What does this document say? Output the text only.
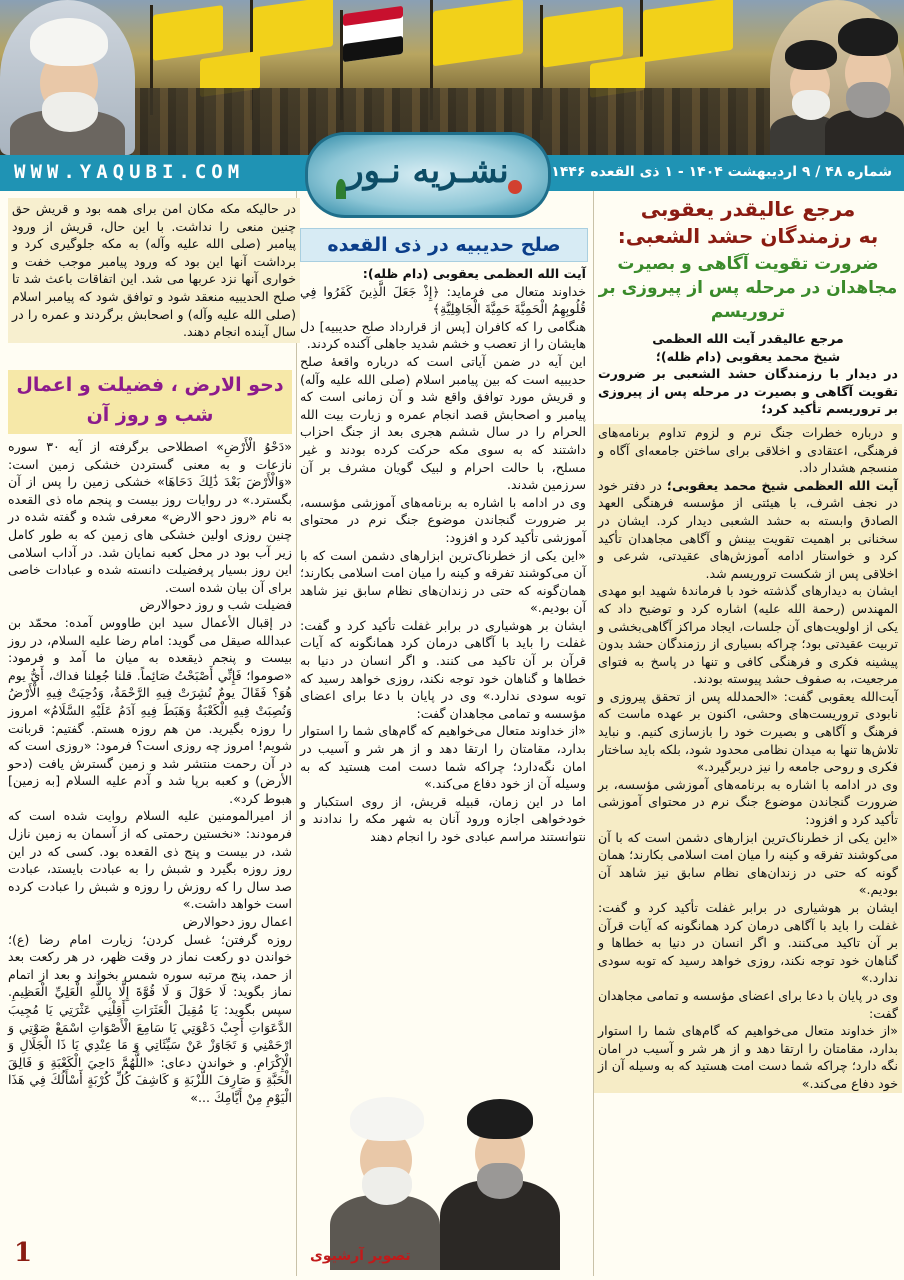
WWW.YAQUBI.COM	شماره ۴۸ / ۹ اردیبهشت ۱۴۰۴ - ۱ ذی القعده ۱۴۴۶
نشـریه نـور

مرجع عالیقدر یعقوبی

به رزمندگان حشد الشعبی:

ضرورت تقویت آگاهی و بصیرت مجاهدان در مرحله پس از پیروزی بر تروریسم

مرجع عالیقدر آیت الله العظمی

شیخ محمد یعقوبی (دام ظله)؛

در دیدار با رزمندگان حشد الشعبی بر ضرورت تقویت آگاهی و بصیرت در مرحله پس از پیروزی بر تروریسم تأکید کرد؛

و درباره خطرات جنگ نرم و لزوم تداوم برنامه‌های فرهنگی، اعتقادی و اخلاقی برای ساختن جامعه‌ای آگاه و منسجم هشدار داد.

آیت الله العظمی شیخ محمد یعقوبی؛ در دفتر خود در نجف اشرف، با هیئتی از مؤسسه فرهنگی العهد الصادق وابسته به حشد الشعبی دیدار کرد. ایشان در سخنانی بر اهمیت تقویت بینش و آگاهی مجاهدان تأکید کرد و خواستار ادامه آموزش‌های عقیدتی، شرعی و اخلاقی پس از شکست تروریسم شد.

ایشان به دیدارهای گذشته خود با فرماندهٔ شهید ابو مهدی المهندس (رحمة الله علیه) اشاره کرد و توضیح داد که یکی از اولویت‌های آن جلسات، ایجاد مراکز آگاهی‌بخشی و تربیت عقیدتی بود؛ چراکه بسیاری از رزمندگان حشد بدون پیشینه فکری و فرهنگی کافی و تنها در پاسخ به فتوای مرجعیت، به صفوف حشد پیوسته بودند.

آیت‌الله یعقوبی گفت: «الحمدلله پس از تحقق پیروزی و نابودی تروریست‌های وحشی، اکنون بر عهده ماست که فرهنگ و آگاهی و بصیرت خود را بازسازی کنیم. و نباید تلاش‌ها تنها به میدان نظامی محدود شود، بلکه باید ساختار فکری و روحی جامعه را نیز دربرگیرد.»

وی در ادامه با اشاره به برنامه‌های آموزشی مؤسسه، بر ضرورت گنجاندن موضوع جنگ نرم در محتوای آموزشی تأکید کرد و افزود:

«این یکی از خطرناک‌ترین ابزارهای دشمن است که با آن می‌کوشند تفرقه و کینه را میان امت اسلامی بکارند؛ همان گونه که حتی در زندان‌های نظام سابق نیز شاهد آن بودیم.»

ایشان بر هوشیاری در برابر غفلت تأکید کرد و گفت: غفلت را باید با آگاهی درمان کرد همانگونه که آیات قرآن بر آن تاکید می‌کنند. و اگر انسان در دنیا به خطاها و گناهان خود توجه نکند، روزی خواهد رسید که توبه سودی ندارد.»

وی در پایان با دعا برای اعضای مؤسسه و تمامی مجاهدان گفت:

«از خداوند متعال می‌خواهیم که گام‌های شما را استوار بدارد، مقامتان را ارتقا دهد و از هر شر و آسیب در امان نگه دارد؛ چراکه شما دست امت هستید که به وسیله آن از خود دفاع می‌کند.»

صلح حدیبیه در ذی القعده

آیت الله العظمی یعقوبی (دام ظله):

خداوند متعال می فرماید: ﴿إِذْ جَعَلَ الَّذِينَ كَفَرُوا فِي قُلُوبِهِمُ الْحَمِيَّةَ حَمِيَّةَ الْجَاهِلِيَّةِ﴾

هنگامی را که کافران [پس از قرارداد صلح حدیبیه] دل هایشان را از تعصب و خشم شدید جاهلی آکنده کردند.

این آیه در ضمن آیاتی است که درباره واقعهٔ صلح حدیبیه است که بین پیامبر اسلام (صلی الله علیه وآله) و قریش مورد توافق واقع شد و آن زمانی است که پیامبر و اصحابش قصد انجام عمره و زیارت بیت الله الحرام را در سال ششم هجری بعد از جنگ احزاب داشتند که به سوی مکه حرکت کرده بودند و غیر مسلح، با حالت احرام و لبیک گویان مشرف بر آن سرزمین شدند.

وی در ادامه با اشاره به برنامه‌های آموزشی مؤسسه، بر ضرورت گنجاندن موضوع جنگ نرم در محتوای آموزشی تأکید کرد و افزود:

«این یکی از خطرناک‌ترین ابزارهای دشمن است که با آن می‌کوشند تفرقه و کینه را میان امت اسلامی بکارند؛ همان‌گونه که حتی در زندان‌های نظام سابق نیز شاهد آن بودیم.»

ایشان بر هوشیاری در برابر غفلت تأکید کرد و گفت: غفلت را باید با آگاهی درمان کرد همانگونه که آیات قرآن بر آن تاکید می کنند. و اگر انسان در دنیا به خطاها و گناهان خود توجه نکند، روزی خواهد رسید که توبه سودی ندارد.» وی در پایان با دعا برای اعضای مؤسسه و تمامی مجاهدان گفت:

«از خداوند متعال می‌خواهیم که گام‌های شما را استوار بدارد، مقامتان را ارتقا دهد و از هر شر و آسیب در امان نگه‌دارد؛ چراکه شما دست امت هستید که به وسیله آن از خود دفاع می‌کند.»

اما در این زمان، قبیله قریش، از روی استکبار و خودخواهی اجازه ورود آنان به شهر مکه را ندادند و نتوانستند مراسم عبادی خود را انجام دهند

تصویر آرشیوی

در حالیکه مکه مکان امن برای همه بود و قریش حق چنین منعی را نداشت. با این حال، قریش از ورود پیامبر (صلی الله علیه وآله) به مکه جلوگیری کرد و برداشت آنها این بود که ورود پیامبر موجب خفت و خواری آنها نزد عربها می شد. این اتفاقات باعث شد تا صلح الحدیبیه منعقد شود و توافق شود که پیامبر اسلام (صلی الله علیه وآله) و اصحابش برگردند و عمره را در سال آینده انجام دهند.

دحو الارض ، فضیلت و اعمال شب و روز آن

«دَحْوُ الْأَرْضِ» اصطلاحی برگرفته از آیه ۳۰ سوره نازعات و به معنی گستردن خشکی زمین است: «وَالْأَرْضَ بَعْدَ ذَٰلِكَ دَحَاهَا» خشکی زمین را پس از آن بگسترد.» در روایات روز بیست و پنجم ماه ذی القعده به نام «روز دحو الارض» معرفی شده و گفته شده در چنین روزی اولین خشکی های زمین که به طور کامل زیر آب بود در محل کعبه نمایان شد. در آداب اسلامی این روز بسیار پرفضیلت دانسته شده و عبادات خاصی برای آن بیان شده است.

فضیلت شب و روز دحوالارض

در إقبال الأعمال سید ابن طاووس آمده: محمّد بن عبدالله صیقل می گوید: امام رضا علیه السلام، در روز بیست و پنجم ذیقعده به میان ما آمد و فرمود: «صوموا؛ فَإِنِّي أَصْبَحْتُ صَائِماً. قلنا جُعِلنا فداك، أَيُّ يوم هُوَ؟ فَقَالَ يومٌ نُشِرَتْ فِيهِ الرَّحْمَةُ، وَدُحِيَتْ فِيهِ الْأَرْضُ وَنُصِبَتْ فِيهِ الْكَعْبَةُ وَهَبَطَ فِيهِ آدَمُ عَلَيْهِ السَّلَامُ» امروز را روزه بگیرید. من هم روزه هستم. گفتیم: قربانت شویم! امروز چه روزی است؟ فرمود: «روزی است که در آن رحمت منتشر شد و زمین گسترش یافت (دحو الأرض) و کعبه برپا شد و آدم علیه السلام [به زمین] هبوط کرد».

از امیرالمومنین علیه السلام روایت شده است که فرمودند: «نخستین رحمتی که از آسمان به زمین نازل شد، در بیست و پنج ذی القعده بود. کسی که در این روز روزه بگیرد و شبش را به عبادت بایستد، عبادت صد سال را که روزش را روزه و شبش را عبادت کرده است خواهد داشت.»

اعمال روز دحوالارض

روزه گرفتن؛ غسل کردن؛ زیارت امام رضا (ع)؛ خواندن دو رکعت نماز در وقت ظهر، در هر رکعت بعد از حمد، پنج مرتبه سوره شمس بخواند و بعد از اتمام نماز بگوید: لَا حَوْلَ وَ لَا قُوَّةَ إِلَّا بِاللَّهِ الْعَلِيِّ الْعَظِيمِ. سپس بگوید: يَا مُقِيلَ الْعَثَرَاتِ أَقِلْنِي عَثْرَتِي يَا مُجِيبَ الدَّعَوَاتِ أَجِبْ دَعْوَتِي يَا سَامِعَ الْأَصْوَاتِ اسْمَعْ صَوْتِي وَ ارْحَمْنِي وَ تَجَاوَزْ عَنْ سَيِّئَاتِي وَ مَا عِنْدِي يَا ذَا الْجَلَالِ وَ الْإِكْرَامِ. و خواندن دعای: «اللَّهُمَّ دَاحِيَ الْكَعْبَةِ وَ فَالِقَ الْحَبَّةِ وَ صَارِفَ اللَّزْبَةِ وَ كَاشِفَ كُلِّ كُرْبَةٍ أَسْأَلُكَ فِي هَذَا الْيَوْمِ مِنْ أَيَّامِكَ ...»

1
